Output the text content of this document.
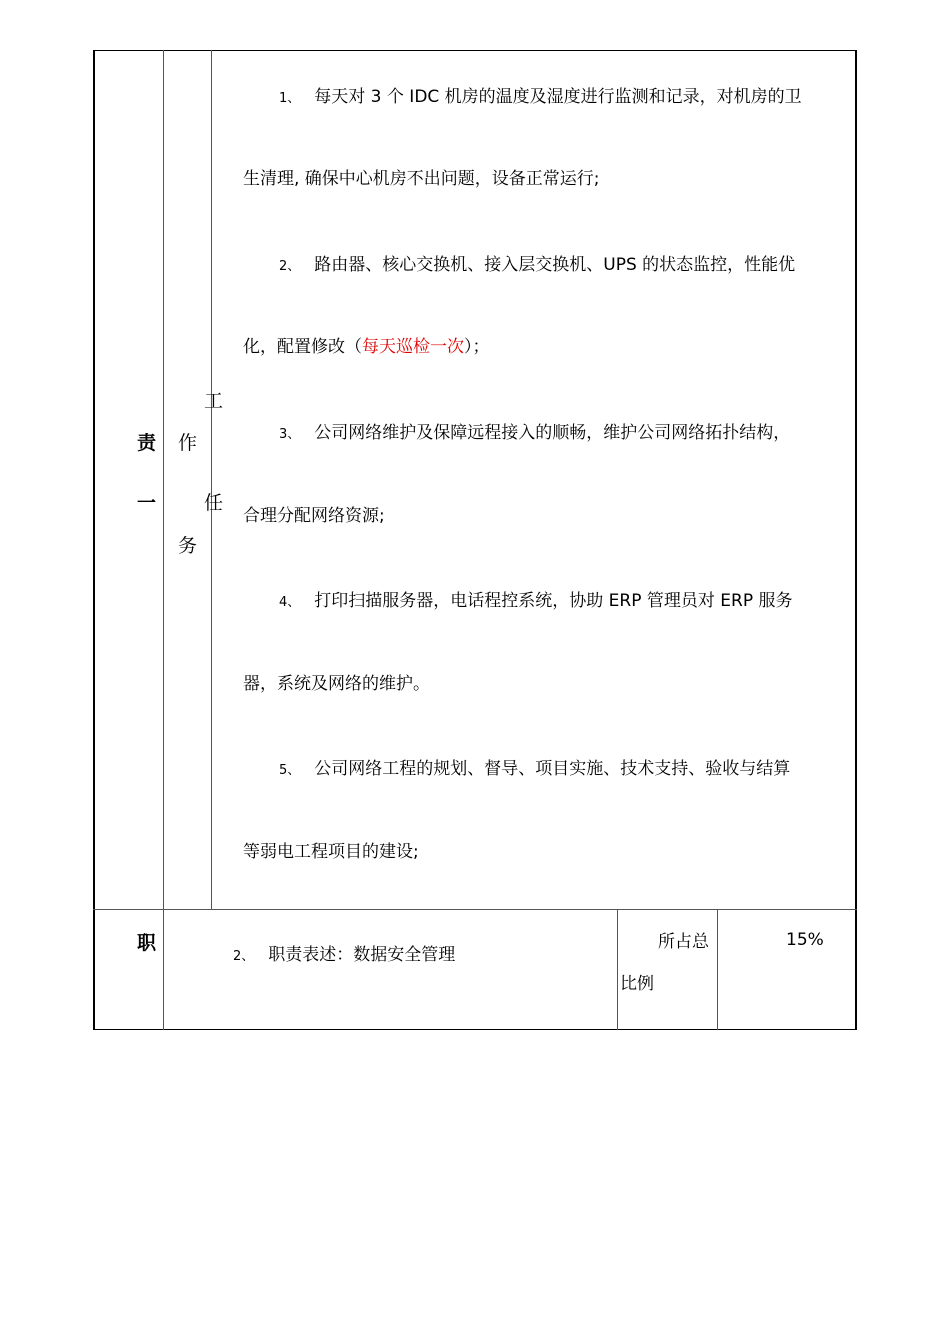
责
一
作
务
工
任
1、 每天对 3 个 IDC 机房的温度及湿度进行监测和记录，对机房的卫
生清理, 确保中心机房不出问题，设备正常运行;
2、 路由器、核心交换机、接入层交换机、UPS 的状态监控，性能优
化，配置修改（每天巡检一次）；
3、 公司网络维护及保障远程接入的顺畅，维护公司网络拓扑结构，
合理分配网络资源;
4、 打印扫描服务器，电话程控系统，协助 ERP 管理员对 ERP 服务
器，系统及网络的维护。
5、 公司网络工程的规划、督导、项目实施、技术支持、验收与结算
等弱电工程项目的建设;
职
2、 职责表述：数据安全管理
所占总
比例
15%
